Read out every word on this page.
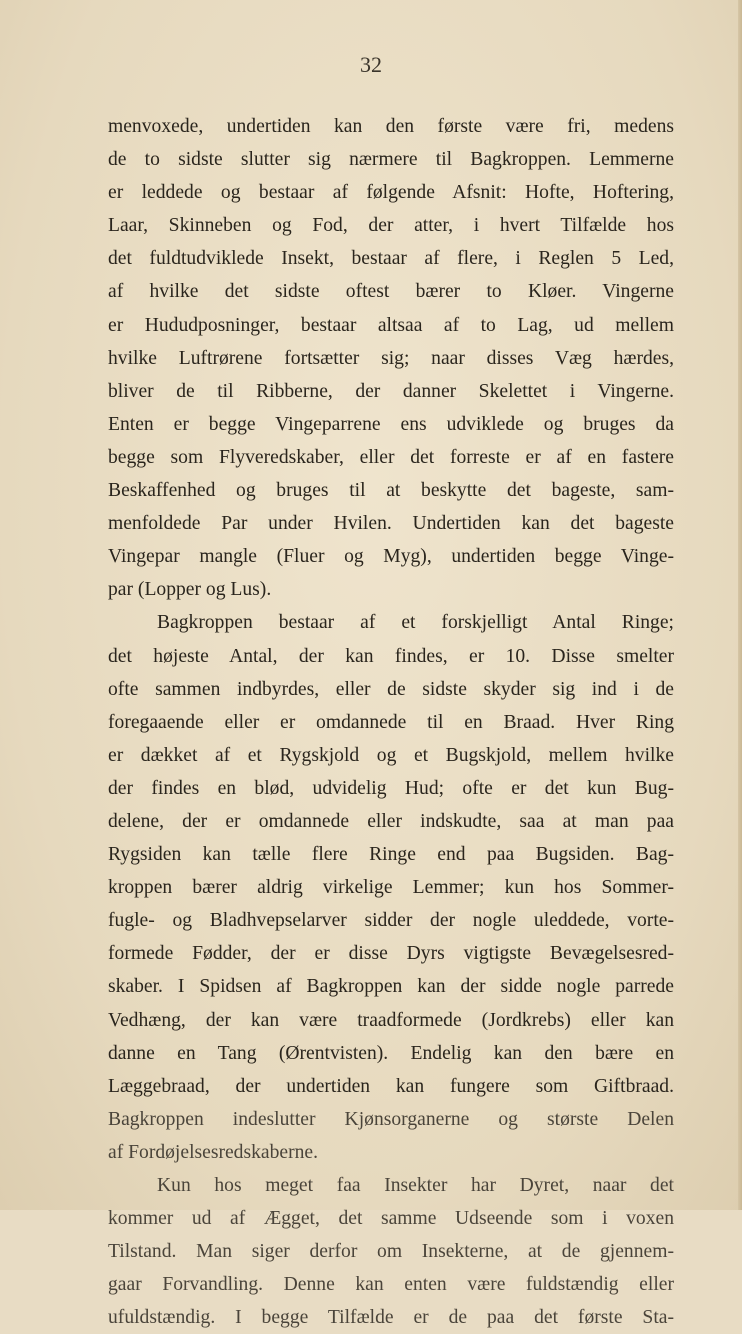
32
menvoxede, undertiden kan den første være fri, medens
de to sidste slutter sig nærmere til Bagkroppen. Lemmerne
er leddede og bestaar af følgende Afsnit: Hofte, Hoftering,
Laar, Skinneben og Fod, der atter, i hvert Tilfælde hos
det fuldtudviklede Insekt, bestaar af flere, i Reglen 5 Led,
af hvilke det sidste oftest bærer to Kløer. Vingerne
er Hududposninger, bestaar altsaa af to Lag, ud mellem
hvilke Luftrørene fortsætter sig; naar disses Væg hærdes,
bliver de til Ribberne, der danner Skelettet i Vingerne.
Enten er begge Vingeparrene ens udviklede og bruges da
begge som Flyveredskaber, eller det forreste er af en fastere
Beskaffenhed og bruges til at beskytte det bageste, sam-
menfoldede Par under Hvilen. Undertiden kan det bageste
Vingepar mangle (Fluer og Myg), undertiden begge Vinge-
par (Lopper og Lus).
Bagkroppen bestaar af et forskjelligt Antal Ringe;
det højeste Antal, der kan findes, er 10. Disse smelter
ofte sammen indbyrdes, eller de sidste skyder sig ind i de
foregaaende eller er omdannede til en Braad. Hver Ring
er dækket af et Rygskjold og et Bugskjold, mellem hvilke
der findes en blød, udvidelig Hud; ofte er det kun Bug-
delene, der er omdannede eller indskudte, saa at man paa
Rygsiden kan tælle flere Ringe end paa Bugsiden. Bag-
kroppen bærer aldrig virkelige Lemmer; kun hos Sommer-
fugle- og Bladhvepselarver sidder der nogle uleddede, vorte-
formede Fødder, der er disse Dyrs vigtigste Bevægelsesred-
skaber. I Spidsen af Bagkroppen kan der sidde nogle parrede
Vedhæng, der kan være traadformede (Jordkrebs) eller kan
danne en Tang (Ørentvisten). Endelig kan den bære en
Læggebraad, der undertiden kan fungere som Giftbraad.
Bagkroppen indeslutter Kjønsorganerne og største Delen
af Fordøjelsesredskaberne.
Kun hos meget faa Insekter har Dyret, naar det
kommer ud af Ægget, det samme Udseende som i voxen
Tilstand. Man siger derfor om Insekterne, at de gjennem-
gaar Forvandling. Denne kan enten være fuldstændig eller
ufuldstændig. I begge Tilfælde er de paa det første Sta-
